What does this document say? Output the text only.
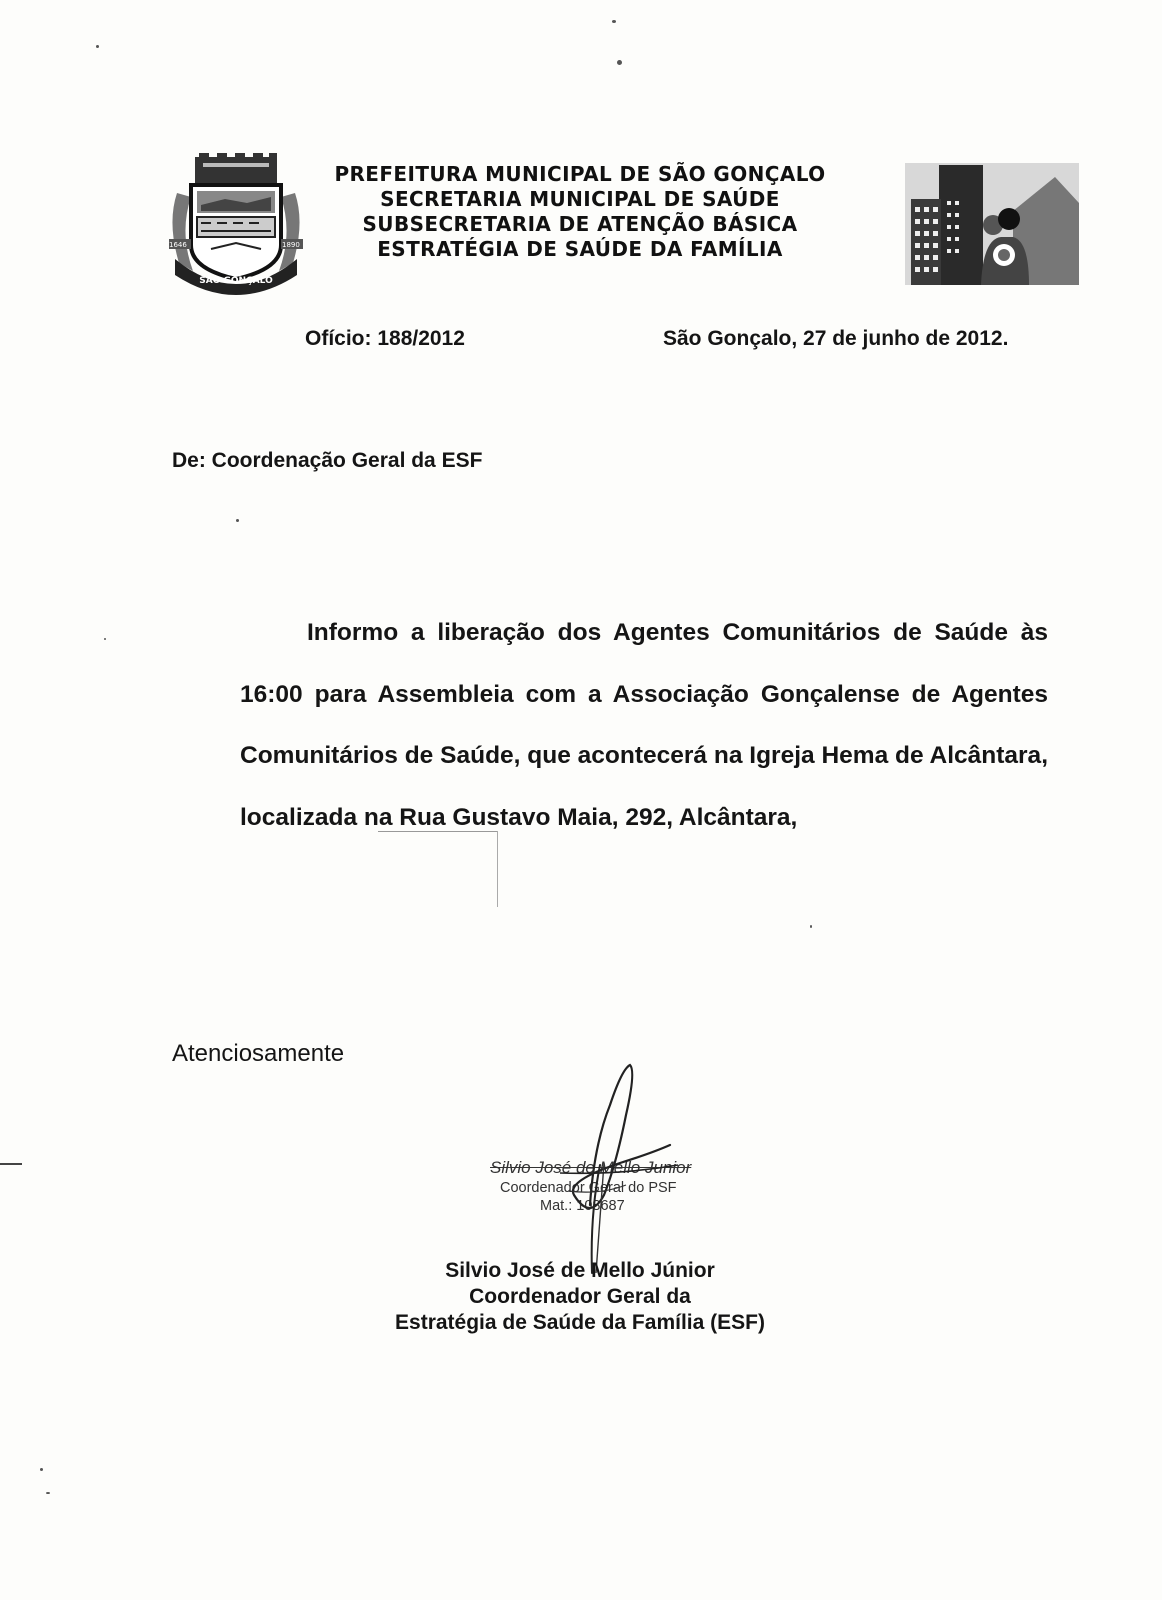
1646	1890
SÃO GONÇALO
PREFEITURA MUNICIPAL DE SÃO GONÇALO
SECRETARIA MUNICIPAL DE SAÚDE
SUBSECRETARIA DE ATENÇÃO BÁSICA
ESTRATÉGIA DE SAÚDE DA FAMÍLIA
Ofício: 188/2012	São Gonçalo, 27 de junho de 2012.
De: Coordenação Geral da ESF
Informo a liberação dos Agentes Comunitários de Saúde às 16:00 para Assembleia com a Associação Gonçalense de Agentes Comunitários de Saúde, que acontecerá na Igreja Hema de Alcântara, localizada na Rua Gustavo Maia, 292, Alcântara,
Atenciosamente
Silvio José de Mello Junior
Coordenador Geral do PSF
Mat.: 108687
Silvio José de Mello Júnior
Coordenador Geral da
Estratégia de Saúde da Família (ESF)
